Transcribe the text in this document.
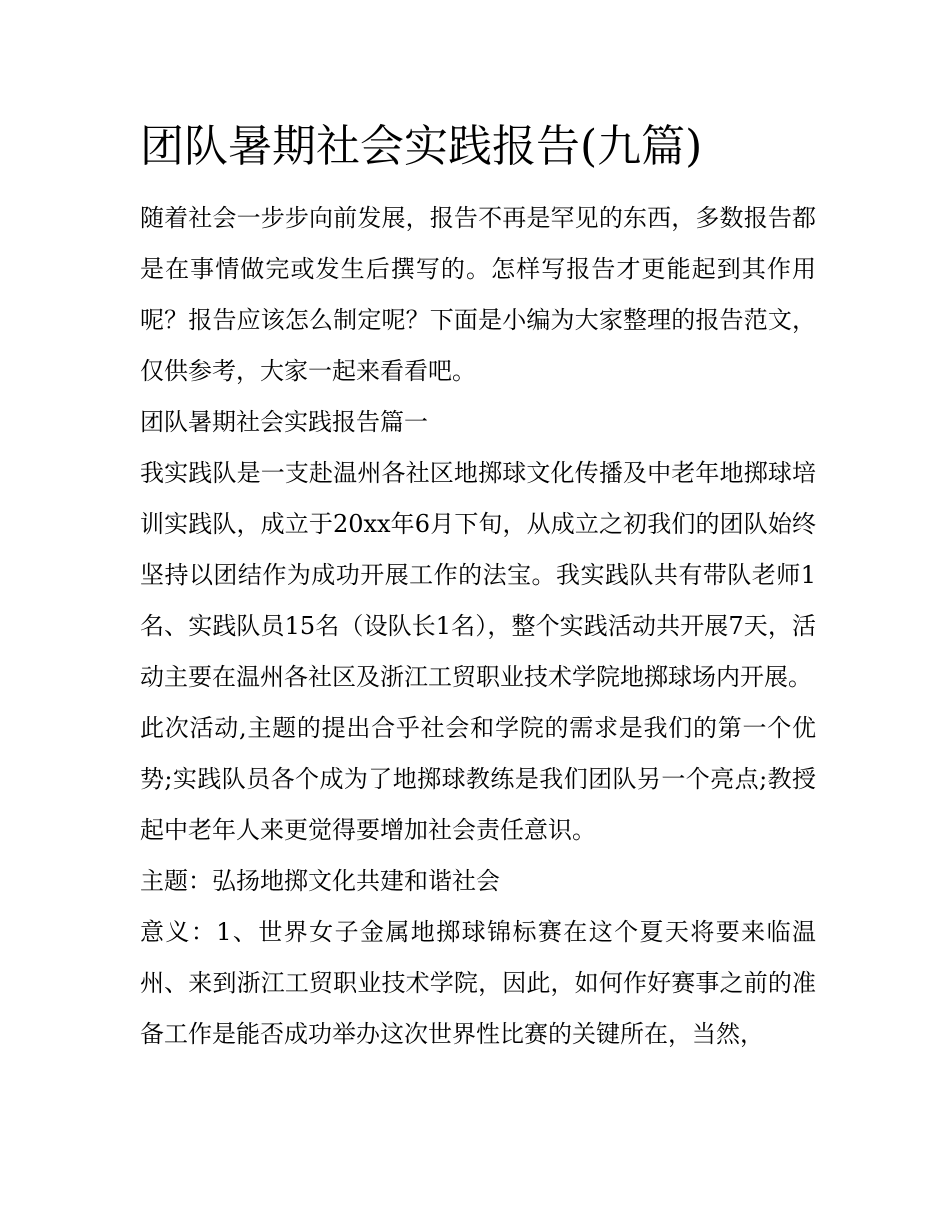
团队暑期社会实践报告(九篇)

随着社会一步步向前发展，报告不再是罕见的东西，多数报告都是在事情做完或发生后撰写的。怎样写报告才更能起到其作用呢？报告应该怎么制定呢？下面是小编为大家整理的报告范文，仅供参考，大家一起来看看吧。

团队暑期社会实践报告篇一

我实践队是一支赴温州各社区地掷球文化传播及中老年地掷球培训实践队，成立于20xx年6月下旬，从成立之初我们的团队始终坚持以团结作为成功开展工作的法宝。我实践队共有带队老师1名、实践队员15名（设队长1名），整个实践活动共开展7天，活动主要在温州各社区及浙江工贸职业技术学院地掷球场内开展。

此次活动,主题的提出合乎社会和学院的需求是我们的第一个优势;实践队员各个成为了地掷球教练是我们团队另一个亮点;教授起中老年人来更觉得要增加社会责任意识。

主题：弘扬地掷文化共建和谐社会

意义：1、世界女子金属地掷球锦标赛在这个夏天将要来临温州、来到浙江工贸职业技术学院，因此，如何作好赛事之前的准备工作是能否成功举办这次世界性比赛的关键所在，当然，
